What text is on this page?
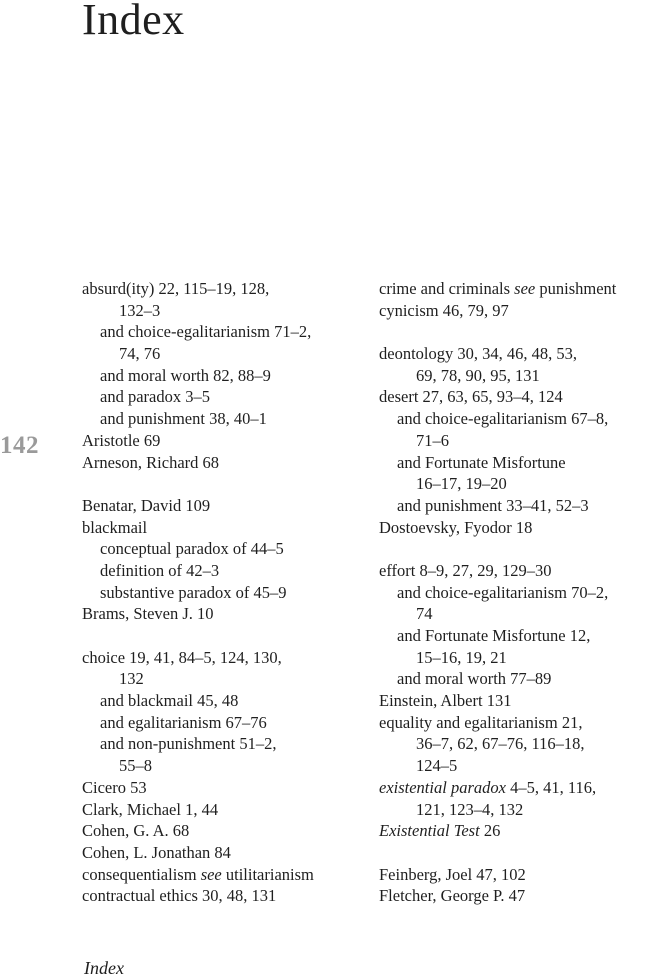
Index
142
absurd(ity) 22, 115–19, 128,
132–3
and choice-egalitarianism 71–2,
74, 76
and moral worth 82, 88–9
and paradox 3–5
and punishment 38, 40–1
Aristotle 69
Arneson, Richard 68
Benatar, David 109
blackmail
conceptual paradox of 44–5
definition of 42–3
substantive paradox of 45–9
Brams, Steven J. 10
choice 19, 41, 84–5, 124, 130,
132
and blackmail 45, 48
and egalitarianism 67–76
and non-punishment 51–2,
55–8
Cicero 53
Clark, Michael 1, 44
Cohen, G. A. 68
Cohen, L. Jonathan 84
consequentialism see utilitarianism
contractual ethics 30, 48, 131
crime and criminals see punishment
cynicism 46, 79, 97
deontology 30, 34, 46, 48, 53,
69, 78, 90, 95, 131
desert 27, 63, 65, 93–4, 124
and choice-egalitarianism 67–8,
71–6
and Fortunate Misfortune
16–17, 19–20
and punishment 33–41, 52–3
Dostoevsky, Fyodor 18
effort 8–9, 27, 29, 129–30
and choice-egalitarianism 70–2,
74
and Fortunate Misfortune 12,
15–16, 19, 21
and moral worth 77–89
Einstein, Albert 131
equality and egalitarianism 21,
36–7, 62, 67–76, 116–18,
124–5
existential paradox 4–5, 41, 116,
121, 123–4, 132
Existential Test 26
Feinberg, Joel 47, 102
Fletcher, George P. 47
Index
